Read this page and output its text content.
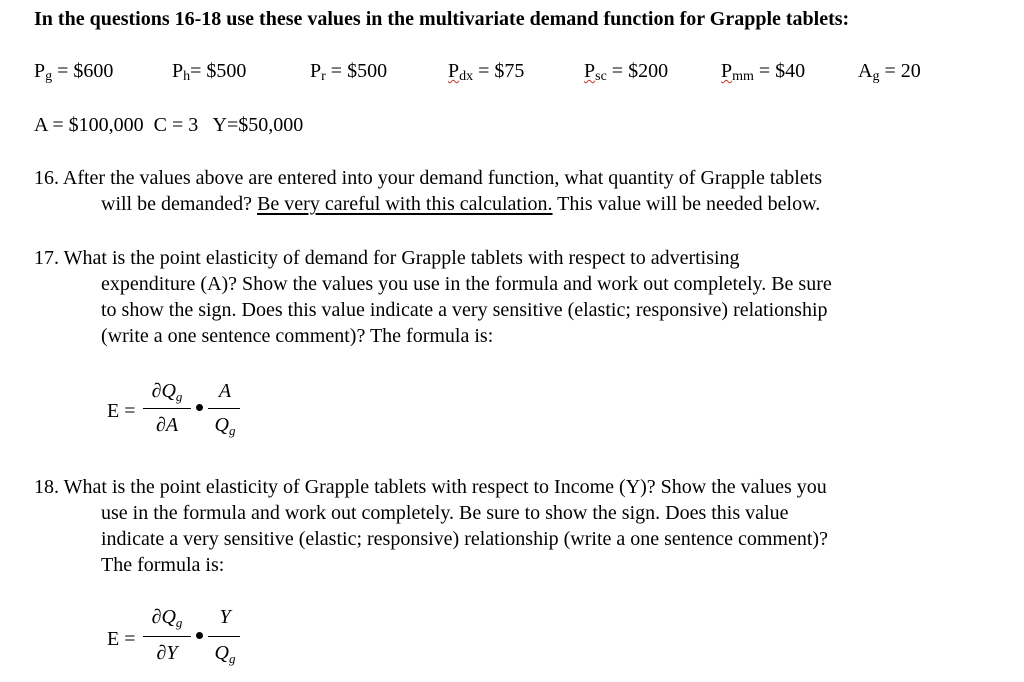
In the questions 16-18 use these values in the multivariate demand function for Grapple tablets:
$P_g$ = $600	$P_h=$ $500	$P_r$ = $500	$P_{dx}$ = $75	$P_{sc}$ = $200	$P_{mm}$ = $40	$A_g = 20$
A = $100,000  C = 3   Y=$50,000
16. After the values above are entered into your demand function, what quantity of Grapple tablets
will be demanded? Be very careful with this calculation. This value will be needed below.
17. What is the point elasticity of demand for Grapple tablets with respect to advertising
expenditure (A)? Show the values you use in the formula and work out completely. Be sure
to show the sign. Does this value indicate a very sensitive (elastic; responsive) relationship
(write a one sentence comment)? The formula is:
E =
$\partial Q_g$
∂A
A
$Q_g$
18. What is the point elasticity of Grapple tablets with respect to Income (Y)? Show the values you
use in the formula and work out completely. Be sure to show the sign. Does this value
indicate a very sensitive (elastic; responsive) relationship (write a one sentence comment)?
The formula is:
E =
$\partial Q_g$
∂Y
Y
$Q_g$
